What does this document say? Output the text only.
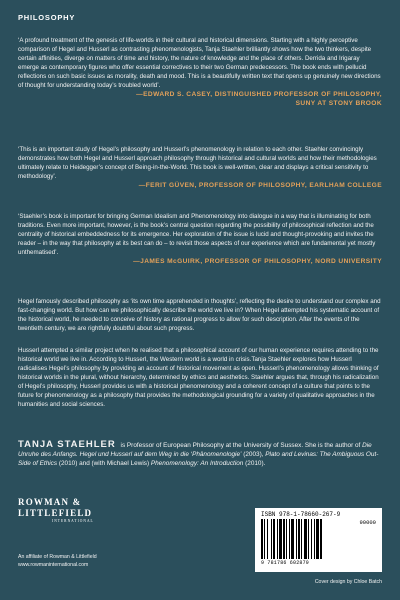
PHILOSOPHY
‘A profound treatment of the genesis of life-worlds in their cultural and historical dimensions. Starting with a highly perceptive comparison of Hegel and Husserl as contrasting phenomenologists, Tanja Staehler brilliantly shows how the two thinkers, despite certain affinities, diverge on matters of time and history, the nature of knowledge and the place of others. Derrida and Irigaray emerge as contemporary figures who offer essential correctives to their two German predecessors. The book ends with pellucid reflections on such basic issues as morality, death and mood. This is a beautifully written text that opens up genuinely new directions of thought for understanding today’s troubled world’.
—EDWARD S. CASEY, DISTINGUISHED PROFESSOR OF PHILOSOPHY,
SUNY AT STONY BROOK
‘This is an important study of Hegel’s philosophy and Husserl’s phenomenology in relation to each other. Staehler convincingly demonstrates how both Hegel and Husserl approach philosophy through historical and cultural worlds and how their methodologies ultimately relate to Heidegger’s concept of Being-in-the-World. This book is well-written, clear and displays a critical sensitivity to methodology’.
—FERIT GÜVEN, PROFESSOR OF PHILOSOPHY, EARLHAM COLLEGE
‘Staehler’s book is important for bringing German Idealism and Phenomenology into dialogue in a way that is illuminating for both traditions. Even more important, however, is the book’s central question regarding the possibility of philosophical reflection and the centrality of historical embeddedness for its emergence. Her exploration of the issue is lucid and thought-provoking and invites the reader – in the way that philosophy at its best can do – to revisit those aspects of our experience which are fundamental yet mostly unthematised’.
—JAMES McGUIRK, PROFESSOR OF PHILOSOPHY, NORD UNIVERSITY
Hegel famously described philosophy as ‘its own time apprehended in thoughts’, reflecting the desire to understand our complex and fast-changing world. But how can we philosophically describe the world we live in? When Hegel attempted his systematic account of the historical world, he needed to conceive of history as rational progress to allow for such description. After the events of the twentieth century, we are rightfully doubtful about such progress.
Husserl attempted a similar project when he realised that a philosophical account of our human experience requires attending to the historical world we live in. According to Husserl, the Western world is a world in crisis.Tanja Staehler explores how Husserl radicalises Hegel’s philosophy by providing an account of historical movement as open. Husserl’s phenomenology allows thinking of historical worlds in the plural, without hierarchy, determined by ethics and aesthetics. Staehler argues that, through his radicalization of Hegel’s philosophy, Husserl provides us with a historical phenomenology and a coherent concept of a culture that points to the future for phenomenology as a philosophy that provides the methodological grounding for a variety of qualitative approaches in the humanities and social sciences.
TANJA STAEHLER is Professor of European Philosophy at the University of Sussex. She is the author of Die Unruhe des Anfangs. Hegel und Husserl auf dem Weg in die ‘Phänomenologie’ (2003), Plato and Levinas: The Ambiguous Out-Side of Ethics (2010) and (with Michael Lewis) Phenomenology: An Introduction (2010).
ROWMAN &
LITTLEFIELD
INTERNATIONAL
An affiliate of Rowman & Littlefield
www.rowmaninternational.com
ISBN 978-1-78660-267-9
90000
9 781786 602879
Cover design by Chloe Batch
